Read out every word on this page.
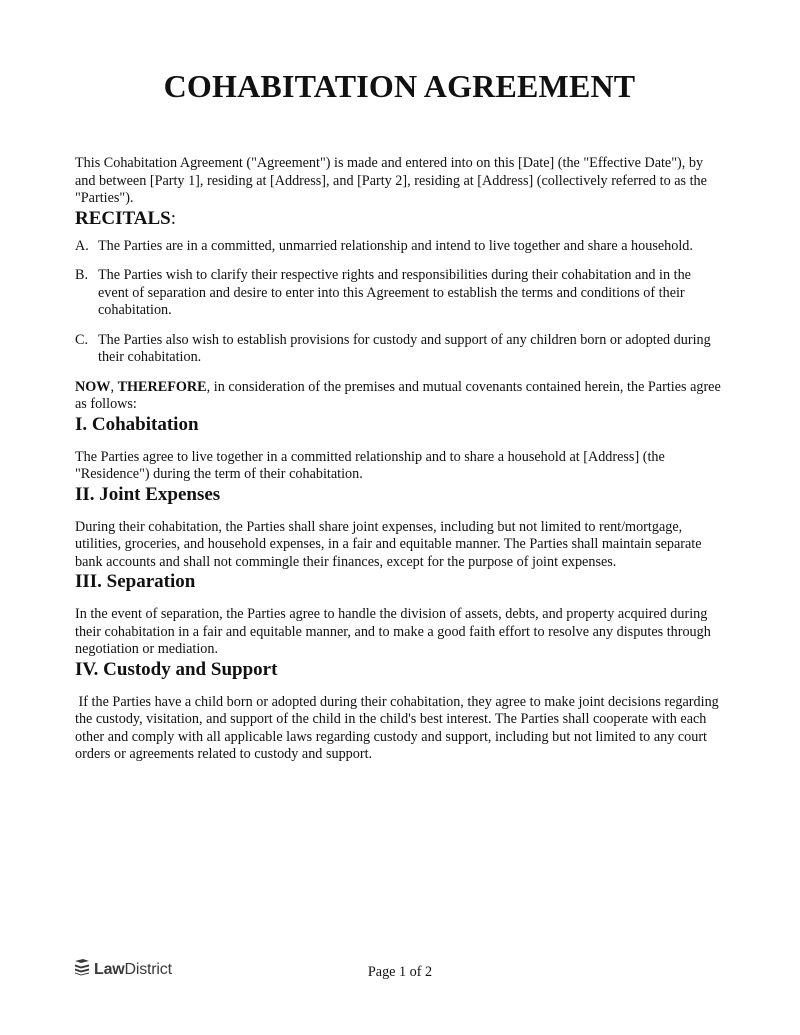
COHABITATION AGREEMENT

This Cohabitation Agreement ("Agreement") is made and entered into on this [Date] (the "Effective Date"), by and between [Party 1], residing at [Address], and [Party 2], residing at [Address] (collectively referred to as the "Parties").

RECITALS:
A. The Parties are in a committed, unmarried relationship and intend to live together and share a household.
B. The Parties wish to clarify their respective rights and responsibilities during their cohabitation and in the event of separation and desire to enter into this Agreement to establish the terms and conditions of their cohabitation.
C. The Parties also wish to establish provisions for custody and support of any children born or adopted during their cohabitation.

NOW, THEREFORE, in consideration of the premises and mutual covenants contained herein, the Parties agree as follows:

I. Cohabitation

The Parties agree to live together in a committed relationship and to share a household at [Address] (the "Residence") during the term of their cohabitation.

II. Joint Expenses

During their cohabitation, the Parties shall share joint expenses, including but not limited to rent/mortgage, utilities, groceries, and household expenses, in a fair and equitable manner. The Parties shall maintain separate bank accounts and shall not commingle their finances, except for the purpose of joint expenses.

III. Separation

In the event of separation, the Parties agree to handle the division of assets, debts, and property acquired during their cohabitation in a fair and equitable manner, and to make a good faith effort to resolve any disputes through negotiation or mediation.

IV. Custody and Support

If the Parties have a child born or adopted during their cohabitation, they agree to make joint decisions regarding the custody, visitation, and support of the child in the child's best interest. The Parties shall cooperate with each other and comply with all applicable laws regarding custody and support, including but not limited to any court orders or agreements related to custody and support.

Law District	Page 1 of 2
